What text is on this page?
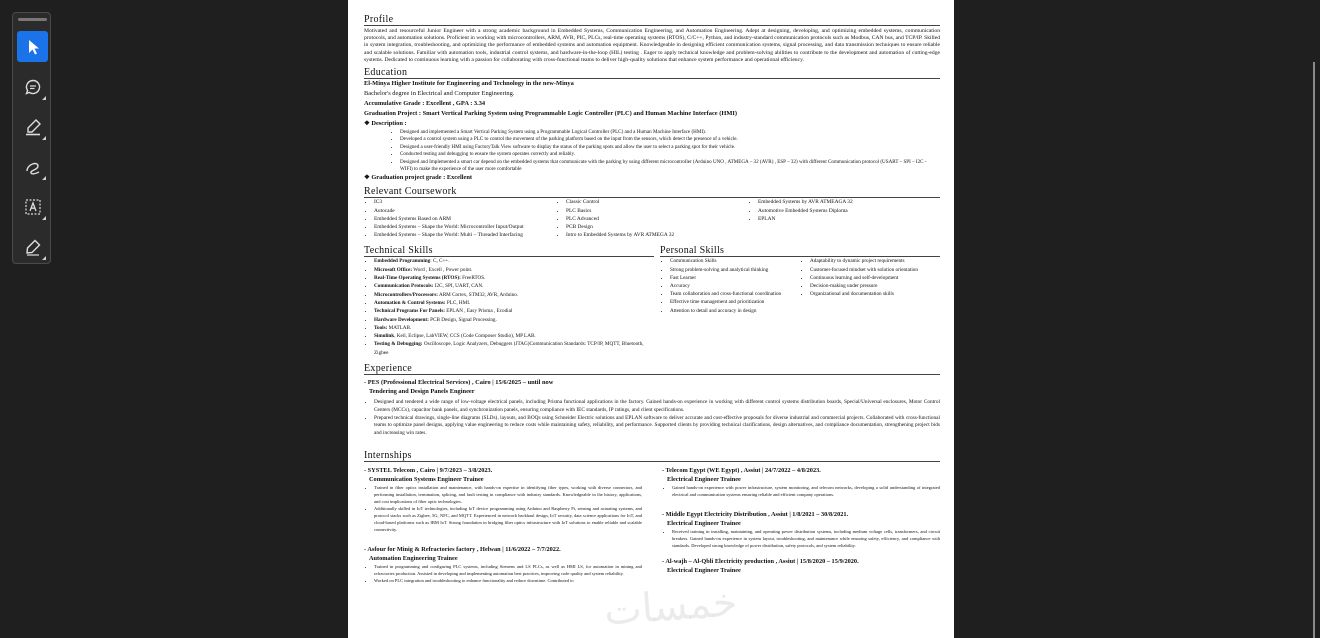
Profile

Motivated and resourceful Junior Engineer with a strong academic background in Embedded Systems, Communication Engineering, and Automation Engineering. Adept at designing, developing, and optimizing embedded systems, communication protocols, and automation solutions. Proficient in working with microcontrollers, ARM, AVR, PIC, PLCs, real-time operating systems (RTOS), C/C++, Python, and industry-standard communication protocols such as Modbus, CAN bus, and TCP/IP. Skilled in system integration, troubleshooting, and optimizing the performance of embedded systems and automation equipment. Knowledgeable in designing efficient communication systems, signal processing, and data transmission techniques to ensure reliable and scalable solutions. Familiar with automation tools, industrial control systems, and hardware-in-the-loop (HIL) testing . Eager to apply technical knowledge and problem-solving abilities to contribute to the development and automation of cutting-edge systems. Dedicated to continuous learning with a passion for collaborating with cross-functional teams to deliver high-quality solutions that enhance system performance and operational efficiency.

Education
El-Minya Higher Institute for Engineering and Technology in the new-Minya
Bachelor's degree in Electrical and Computer Engineering.
Accumulative Grade : Excellent , GPA : 3.34
Graduation Project : Smart Vertical Parking System using Programmable Logic Controller (PLC) and Human Machine Interface (HMI)
❖ Description :
• Designed and implemented a Smart Vertical Parking System using a Programmable Logical Controller (PLC) and a Human Machine Interface (HMI).
• Developed a control system using a PLC to control the movement of the parking platform based on the input from the sensors, which detect the presence of a vehicle.
• Designed a user-friendly HMI using FactoryTalk View software to display the status of the parking spots and allow the user to select a parking spot for their vehicle.
• Conducted testing and debugging to ensure the system operates correctly and reliably.
• Designed and Implemented a smart car depend on the embedded systems that communicate with the parking by using different microcontroller (Arduino UNO , ATMEGA – 32 (AVR) , ESP – 32) with different Communication protocol (USART – SPI – I2C - WIFI) to make the experience of the user more comfortable
❖ Graduation project grade : Excellent
Relevant Coursework
• IC3
• Autocade
• Embedded Systems Based on ARM
• Embedded Systems – Shape the World: Microcontroller Input/Output
• Embedded Systems – Shape the World: Multi – Threaded Interfacing
• Classic Control
• PLC Basics
• PLC Advanced
• PCB Design
• Intro to Embedded Systems by AVR ATMEGA 32
• Embedded Systems by AVR ATMEAGA 32
• Automotive Embedded Systems Diploma
• EPLAN
Technical Skills
• Embedded Programming: C, C++.
• Microsoft Office: Word , Excell , Power point.
• Real-Time Operating Systems (RTOS): FreeRTOS.
• Communication Protocols: I2C, SPI, UART, CAN.
• Microcontrollers/Processors: ARM Cortex, STM32, AVR, Arduino.
• Automation & Control Systems: PLC, HMI.
• Technical Programs For Panels: EPLAN , Easy Prisma , Ecodial
• Hardware Development: PCB Design, Signal Processing.
• Tools: MATLAB.
• Simulink, Keil, Eclipse, LabVIEW, CCS (Code Composer Studio), MP LAB.
• Testing & Debugging: Oscilloscope, Logic Analyzers, Debuggers (JTAG)Communication Standards: TCP/IP, MQTT, Bluetooth, Zigbee
Personal Skills
• Communication Skills
• Strong problem-solving and analytical thinking
• Fast Learner
• Accuracy
• Team collaboration and cross-functional coordination
• Effective time management and prioritization
• Attention to detail and accuracy in design
• Adaptability to dynamic project requirements
• Customer-focused mindset with solution orientation
• Continuous learning and self-development
• Decision-making under pressure
• Organizational and documentation skills
Experience
- PES (Professional Electrical Services) , Cairo | 15/6/2025 – until now
Tendering and Design Panels Engineer
• Designed and tendered a wide range of low-voltage electrical panels, including Prisma functional applications in the factory. Gained hands-on experience in working with different control systems distribution boards, Special/Universal enclosures, Motor Control Centers (MCCs), capacitor bank panels, and synchronization panels, ensuring compliance with IEC standards, IP ratings, and client specifications.
• Prepared technical drawings, single-line diagrams (SLDs), layouts, and BOQs using Schneider Electric solutions and EPLAN software to deliver accurate and cost-effective proposals for diverse industrial and commercial projects. Collaborated with cross-functional teams to optimize panel designs, applying value engineering to reduce costs while maintaining safety, reliability, and performance. Supported clients by providing technical clarifications, design alternatives, and compliance documentation, strengthening project bids and increasing win rates.
Internships
- SYSTEL Telecom , Cairo | 9/7/2023 – 3/8/2023.
Communication Systems Engineer Trainee
• Trained in fiber optics installation and maintenance, with hands-on expertise in identifying fiber types, working with diverse connectors, and performing installation, termination, splicing, and fault testing in compliance with industry standards. Knowledgeable in the history, applications, and cost implications of fiber optic technologies.
• Additionally skilled in IoT technologies, including IoT device programming using Arduino and Raspberry Pi, sensing and actuating systems, and protocol stacks such as Zigbee, 5G, NFC, and MQTT. Experienced in network backhaul design, IoT security, data science applications for IoT, and cloud-based platforms such as IBM IoT. Strong foundation in bridging fiber optics infrastructure with IoT solutions to enable reliable and scalable connectivity.
- Asfour for Minig & Refractories factory , Helwan | 11/6/2022 – 7/7/2022.
Automation Engineering Trainee
• Trained in programming and configuring PLC systems, including Siemens and LS PLCs, as well as HMI LS, for automation in mining and refractories production. Assisted in developing and implementing automation best practices, improving code quality and system reliability.
• Worked on PLC integration and troubleshooting to enhance functionality and reduce downtime. Contributed to
- Telecom Egypt (WE Egypt) , Assiut | 24/7/2022 – 4/8/2023.
Electrical Engineer Trainee
• Gained hands-on experience with power infrastructure, system monitoring, and telecom networks, developing a solid understanding of integrated electrical and communication systems ensuring reliable and efficient company operations.
- Middle Egypt Electricity Distribution , Assiut | 1/8/2021 – 30/8/2021.
Electrical Engineer Trainee
• Received training in installing, maintaining, and operating power distribution systems, including medium voltage cells, transformers, and circuit breakers. Gained hands-on experience in system layout, troubleshooting, and maintenance while ensuring safety, efficiency, and compliance with standards. Developed strong knowledge of power distribution, safety protocols, and system reliability.
- Al-wajh – Al-Qbli Electricity production , Assiut | 15/8/2020 – 15/9/2020.
Electrical Engineer Trainee
خمسات
